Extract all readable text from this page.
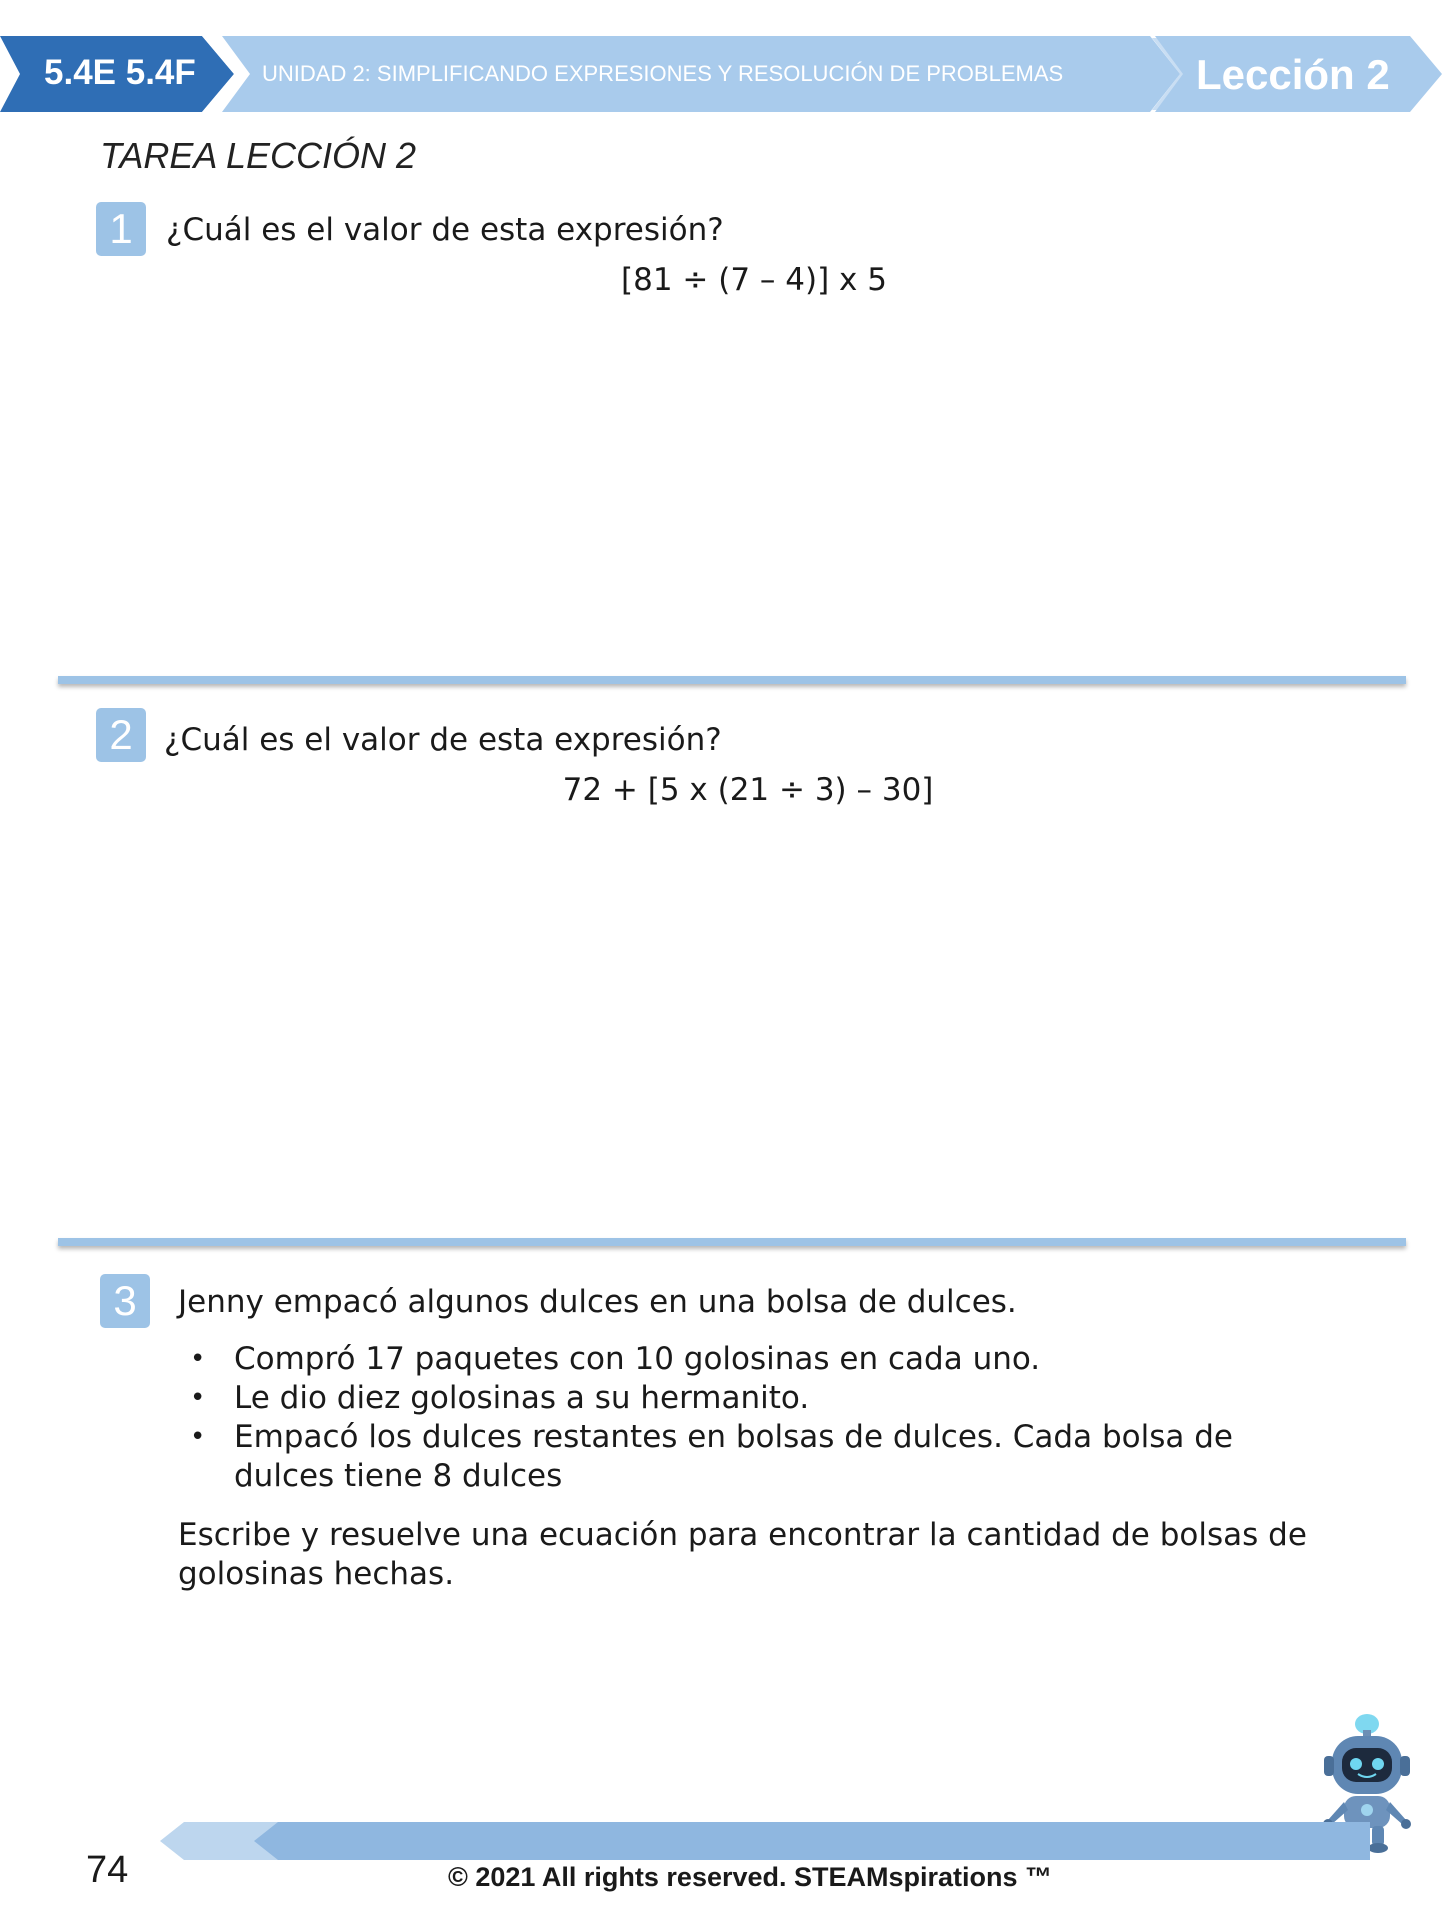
5.4E 5.4F	UNIDAD 2: SIMPLIFICANDO EXPRESIONES Y RESOLUCIÓN DE PROBLEMAS	Lección 2
TAREA LECCIÓN 2
1	¿Cuál es el valor de esta expresión?
[81 ÷ (7 – 4)] x 5
2	¿Cuál es el valor de esta expresión?
72 + [5 x (21 ÷ 3) – 30]
3	Jenny empacó algunos dulces en una bolsa de dulces.
• Compró 17 paquetes con 10 golosinas en cada uno.
• Le dio diez golosinas a su hermanito.
• Empacó los dulces restantes en bolsas de dulces. Cada bolsa de dulces tiene 8 dulces
Escribe y resuelve una ecuación para encontrar la cantidad de bolsas de golosinas hechas.
74	© 2021 All rights reserved. STEAMspirations ™
